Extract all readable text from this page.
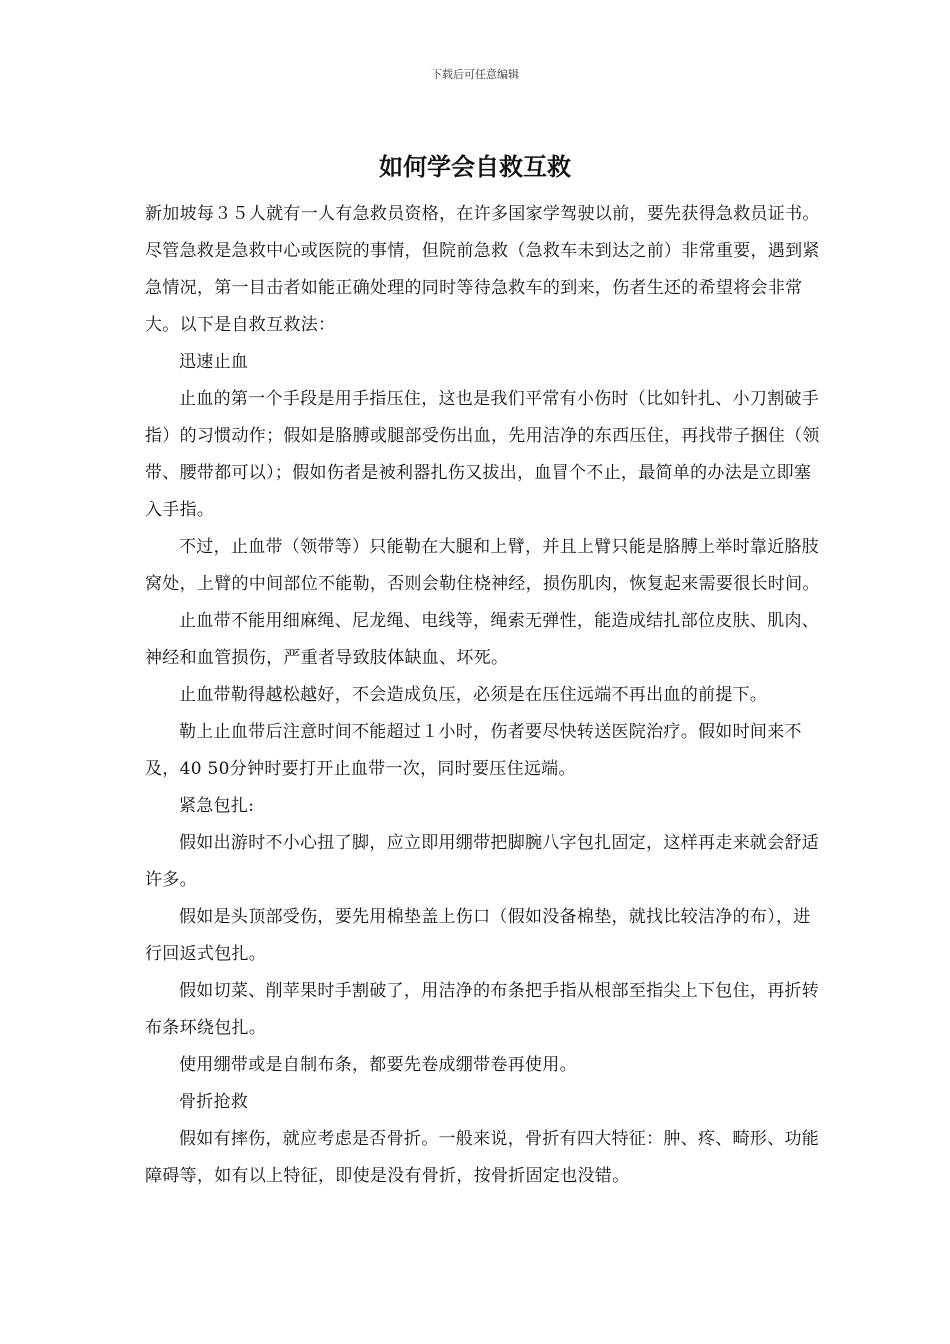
下载后可任意编辑
如何学会自救互救

新加坡每３５人就有一人有急救员资格，在许多国家学驾驶以前，要先获得急救员证书。尽管急救是急救中心或医院的事情，但院前急救（急救车未到达之前）非常重要，遇到紧急情况，第一目击者如能正确处理的同时等待急救车的到来，伤者生还的希望将会非常大。以下是自救互救法：

迅速止血

止血的第一个手段是用手指压住，这也是我们平常有小伤时（比如针扎、小刀割破手指）的习惯动作；假如是胳膊或腿部受伤出血，先用洁净的东西压住，再找带子捆住（领带、腰带都可以）；假如伤者是被利器扎伤又拔出，血冒个不止，最简单的办法是立即塞入手指。

不过，止血带（领带等）只能勒在大腿和上臂，并且上臂只能是胳膊上举时靠近胳肢窝处，上臂的中间部位不能勒，否则会勒住桡神经，损伤肌肉，恢复起来需要很长时间。

止血带不能用细麻绳、尼龙绳、电线等，绳索无弹性，能造成结扎部位皮肤、肌肉、神经和血管损伤，严重者导致肢体缺血、坏死。

止血带勒得越松越好，不会造成负压，必须是在压住远端不再出血的前提下。

勒上止血带后注意时间不能超过１小时，伤者要尽快转送医院治疗。假如时间来不及，40 50分钟时要打开止血带一次，同时要压住远端。

紧急包扎:

假如出游时不小心扭了脚，应立即用绷带把脚腕八字包扎固定，这样再走来就会舒适许多。

假如是头顶部受伤，要先用棉垫盖上伤口（假如没备棉垫，就找比较洁净的布），进行回返式包扎。

假如切菜、削苹果时手割破了，用洁净的布条把手指从根部至指尖上下包住，再折转布条环绕包扎。

使用绷带或是自制布条，都要先卷成绷带卷再使用。

骨折抢救

假如有摔伤，就应考虑是否骨折。一般来说，骨折有四大特征：肿、疼、畸形、功能障碍等，如有以上特征，即使是没有骨折，按骨折固定也没错。
